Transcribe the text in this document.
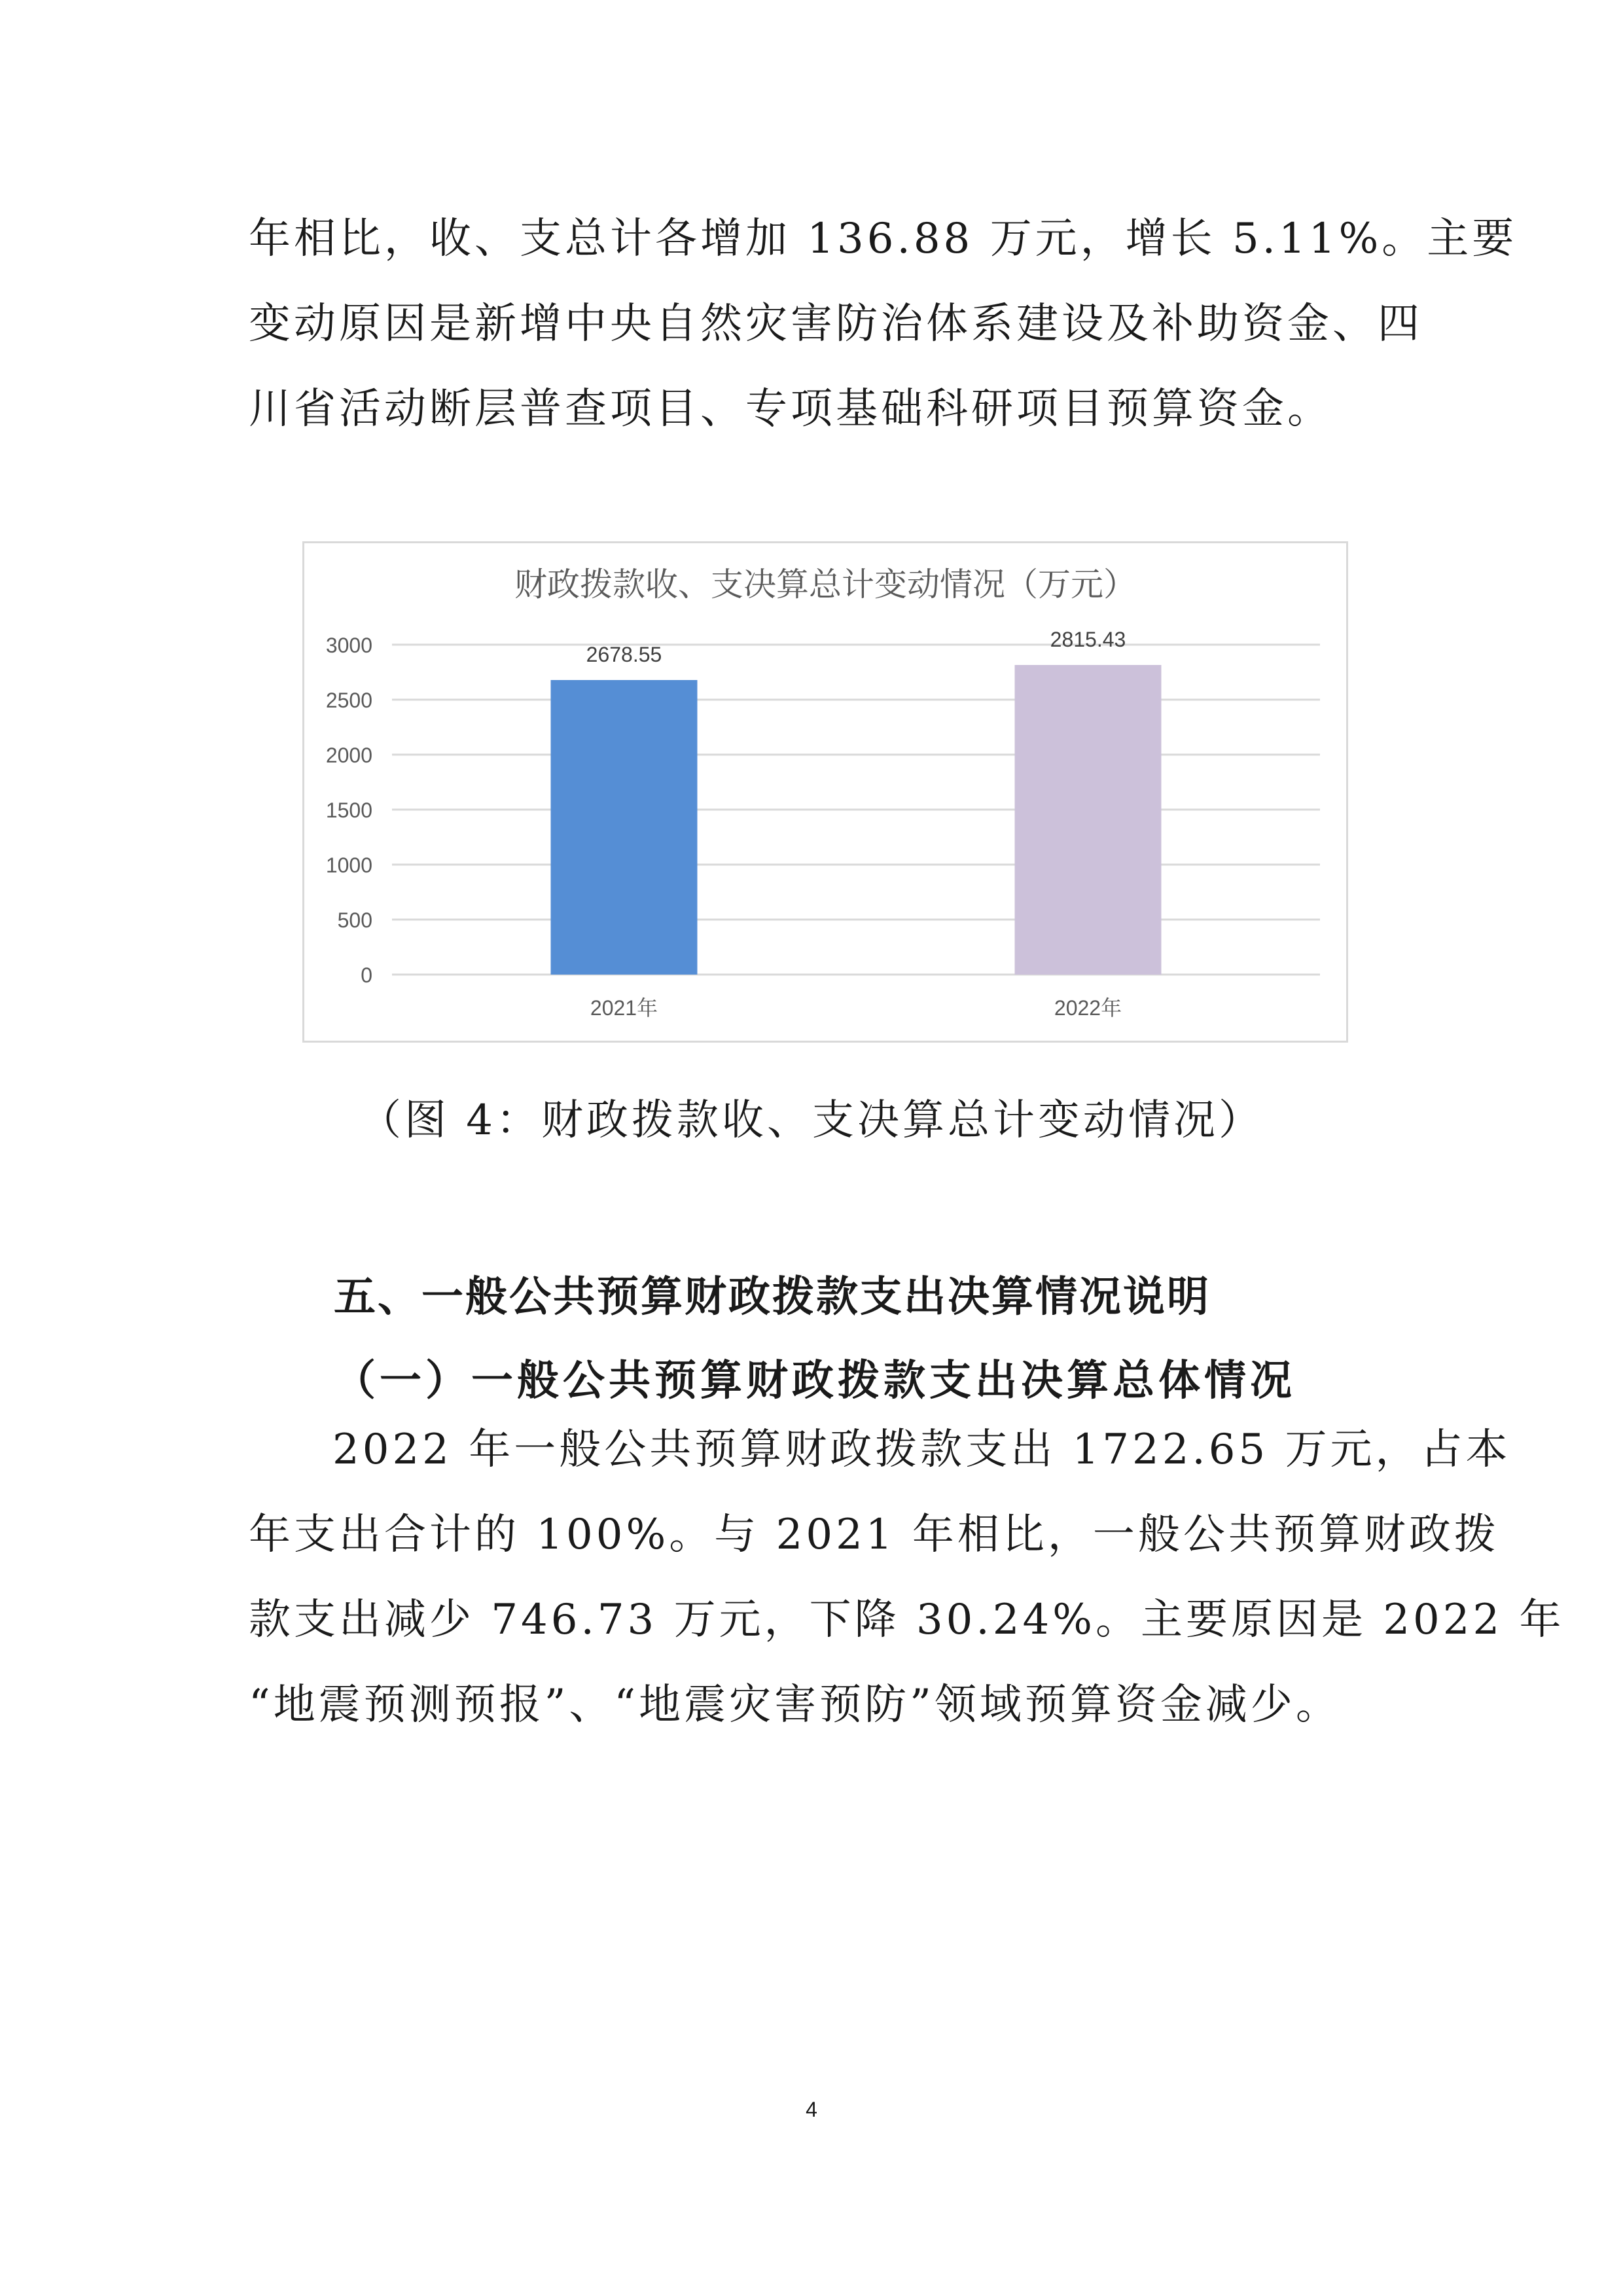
年相比，收、支总计各增加 136.88 万元，增长 5.11%。主要
变动原因是新增中央自然灾害防治体系建设及补助资金、四
川省活动断层普查项目、专项基础科研项目预算资金。
财政拨款收、支决算总计变动情况（万元）
0
500
1000
1500
2000
2500
3000	2678.55
2021年
2815.43
2022年
（图 4：财政拨款收、支决算总计变动情况）
五、一般公共预算财政拨款支出决算情况说明
（一）一般公共预算财政拨款支出决算总体情况
2022 年一般公共预算财政拨款支出 1722.65 万元，占本
年支出合计的 100%。与 2021 年相比，一般公共预算财政拨
款支出减少 746.73 万元，下降 30.24%。主要原因是 2022 年
“地震预测预报”、“地震灾害预防”领域预算资金减少。
4
